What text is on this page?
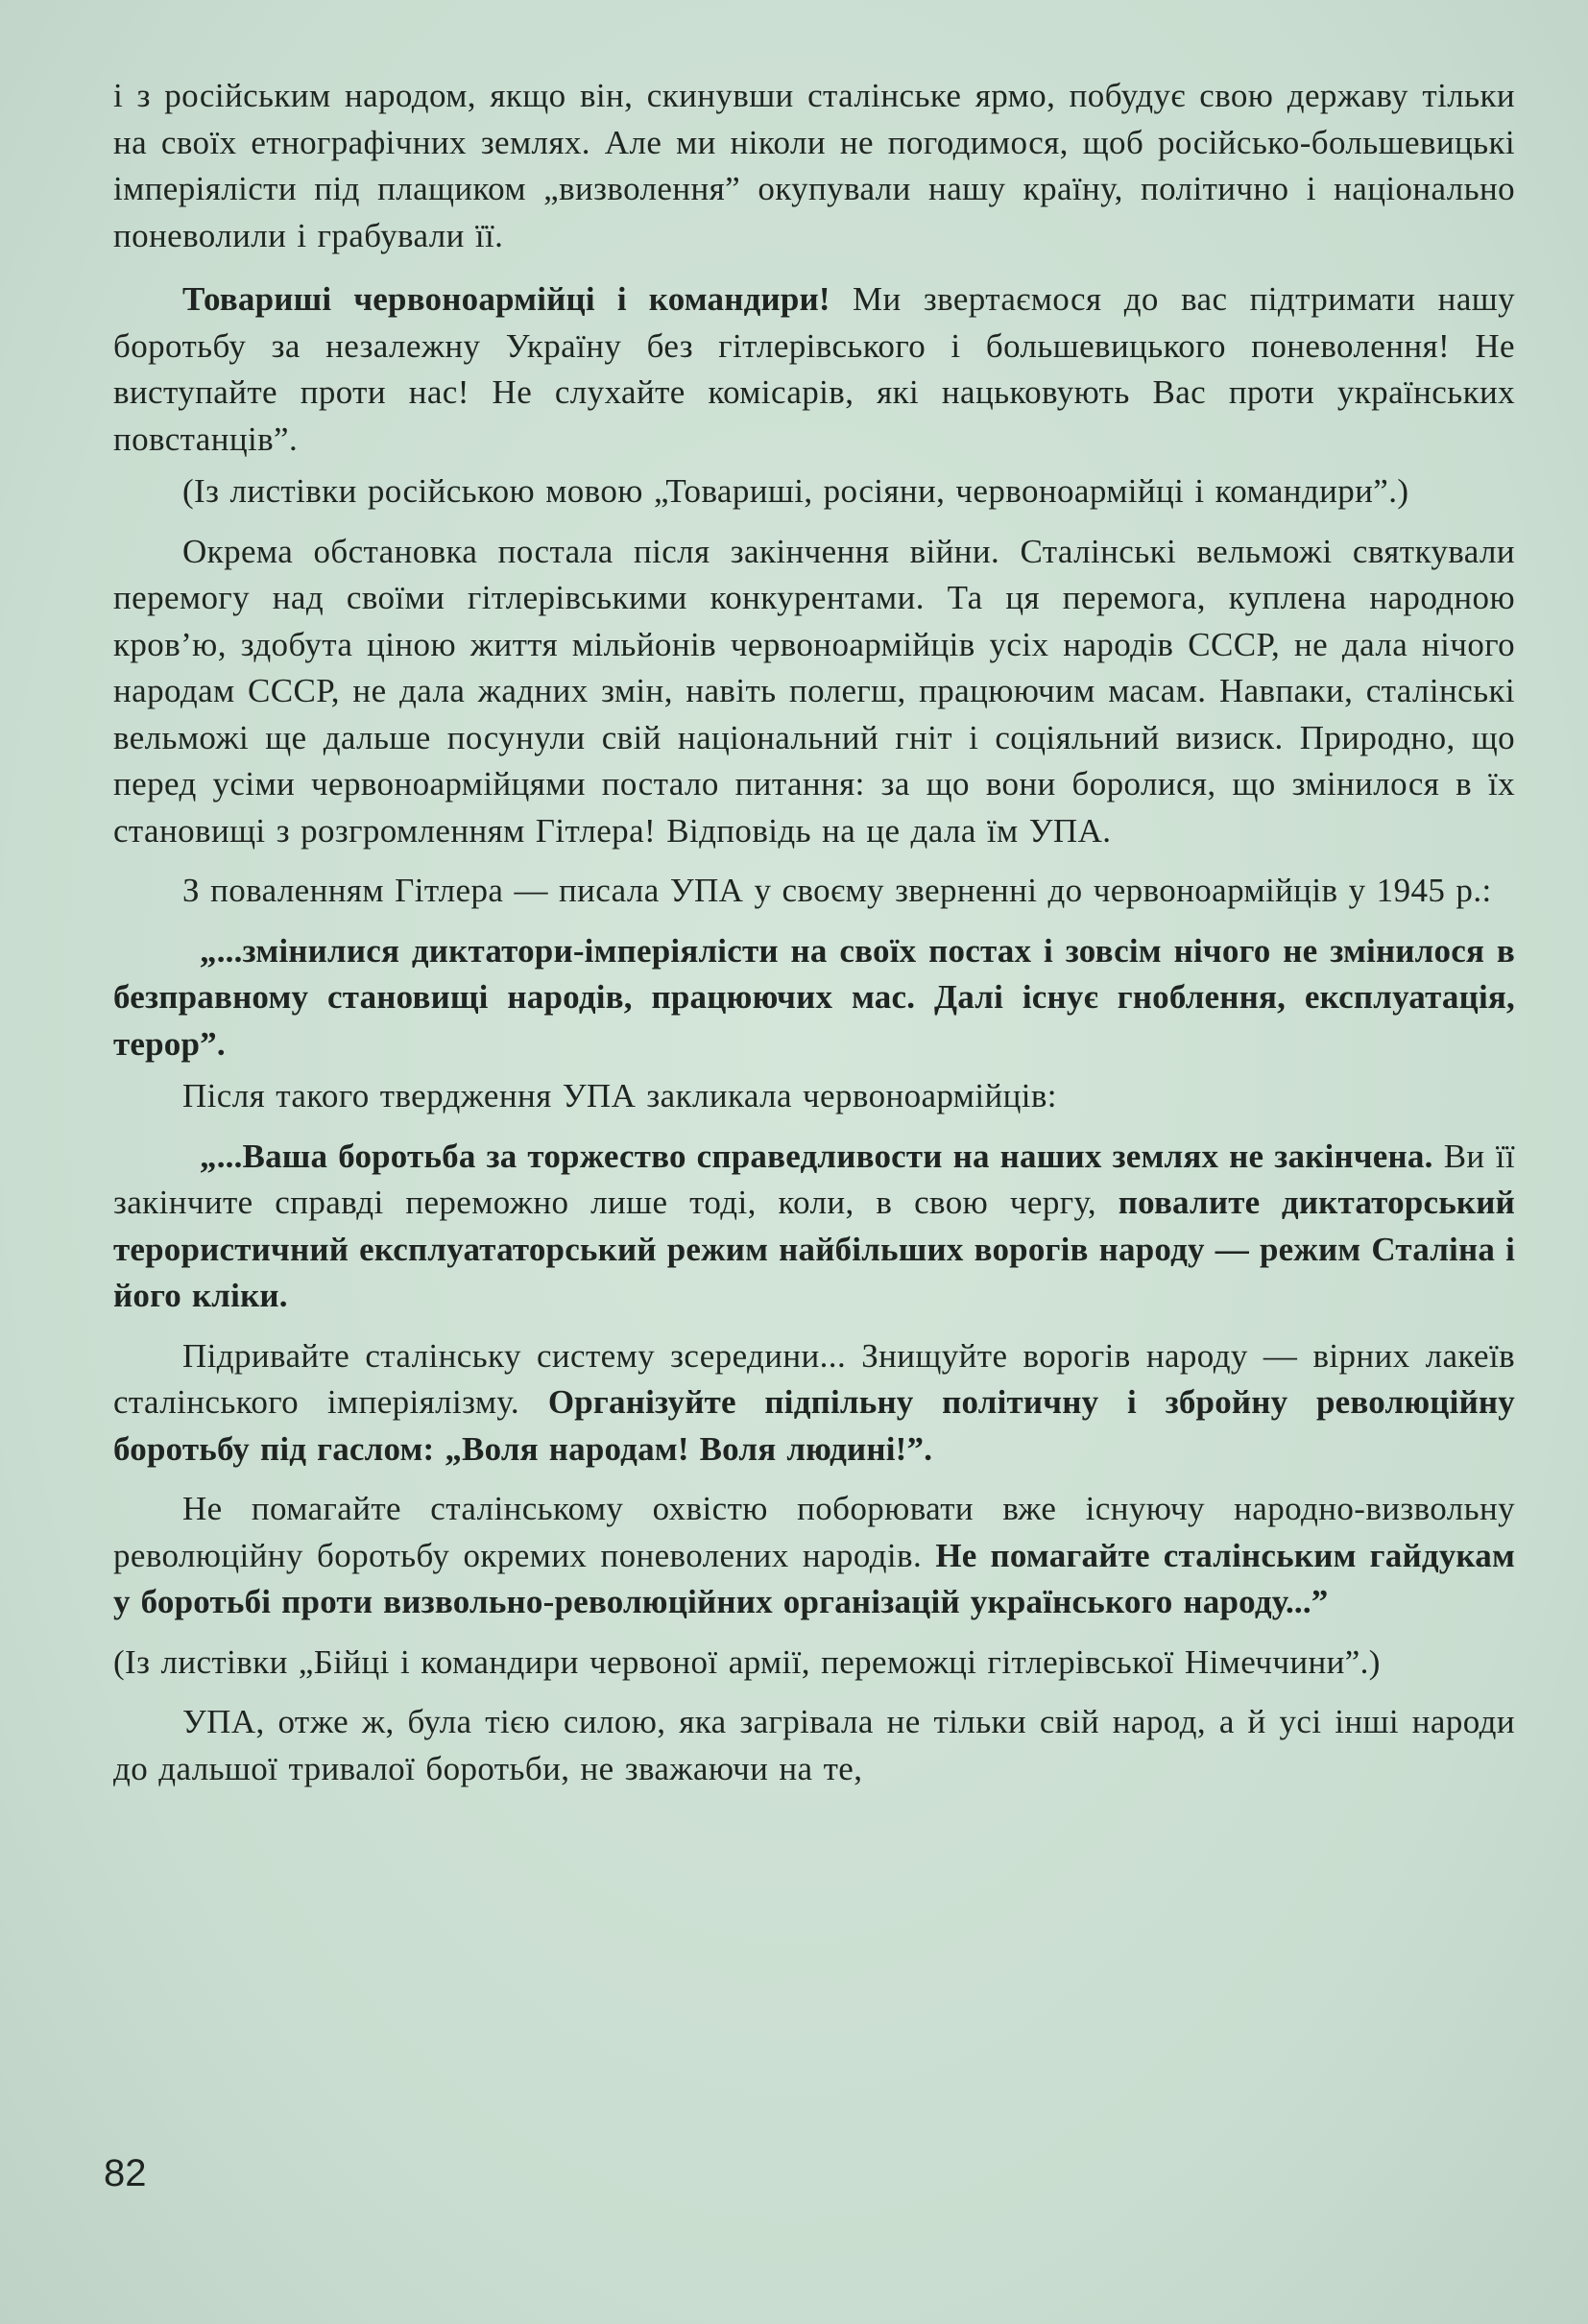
і з російським народом, якщо він, скинувши сталінське ярмо, побудує свою державу тільки на своїх етнографічних землях. Але ми ніколи не погодимося, щоб російсько-большевицькі імперіялісти під плащиком „визволення” окупували нашу країну, політично і національно поневолили і грабували її.

Товариші червоноармійці і командири! Ми звертаємося до вас підтримати нашу боротьбу за незалежну Україну без гітлерівського і большевицького поневолення! Не виступайте проти нас! Не слухайте комісарів, які нацьковують Вас проти українських повстанців”.

(Із листівки російською мовою „Товариші, росіяни, червоноармійці і командири”.)

Окрема обстановка постала після закінчення війни. Сталінські вельможі святкували перемогу над своїми гітлерівськими конкурентами. Та ця перемога, куплена народною кров’ю, здобута ціною життя мільйонів червоноармійців усіх народів СССР, не дала нічого народам СССР, не дала жадних змін, навіть полегш, працюючим масам. Навпаки, сталінські вельможі ще дальше посунули свій національний гніт і соціяльний визиск. Природно, що перед усіми червоноармійцями постало питання: за що вони боролися, що змінилося в їх становищі з розгромленням Гітлера! Відповідь на це дала їм УПА.

З поваленням Гітлера — писала УПА у своєму зверненні до червоноармійців у 1945 р.:

„...змінилися диктатори-імперіялісти на своїх постах і зовсім нічого не змінилося в безправному становищі народів, працюючих мас. Далі існує гноблення, експлуатація, терор”.

Після такого твердження УПА закликала червоноармійців:

„...Ваша боротьба за торжество справедливости на наших землях не закінчена. Ви її закінчите справді переможно лише тоді, коли, в свою чергу, повалите диктаторський терористичний експлуататорський режим найбільших ворогів народу — режим Сталіна і його кліки.

Підривайте сталінську систему зсередини... Знищуйте ворогів народу — вірних лакеїв сталінського імперіялізму. Організуйте підпільну політичну і збройну революційну боротьбу під гаслом: „Воля народам! Воля людині!”.

Не помагайте сталінському охвістю поборювати вже існуючу народно-визвольну революційну боротьбу окремих поневолених народів. Не помагайте сталінським гайдукам у боротьбі проти визвольно-революційних організацій українського народу...”

(Із листівки „Бійці і командири червоної армії, переможці гітлерівської Німеччини”.)

УПА, отже ж, була тією силою, яка загрівала не тільки свій народ, а й усі інші народи до дальшої тривалої боротьби, не зважаючи на те,

82
